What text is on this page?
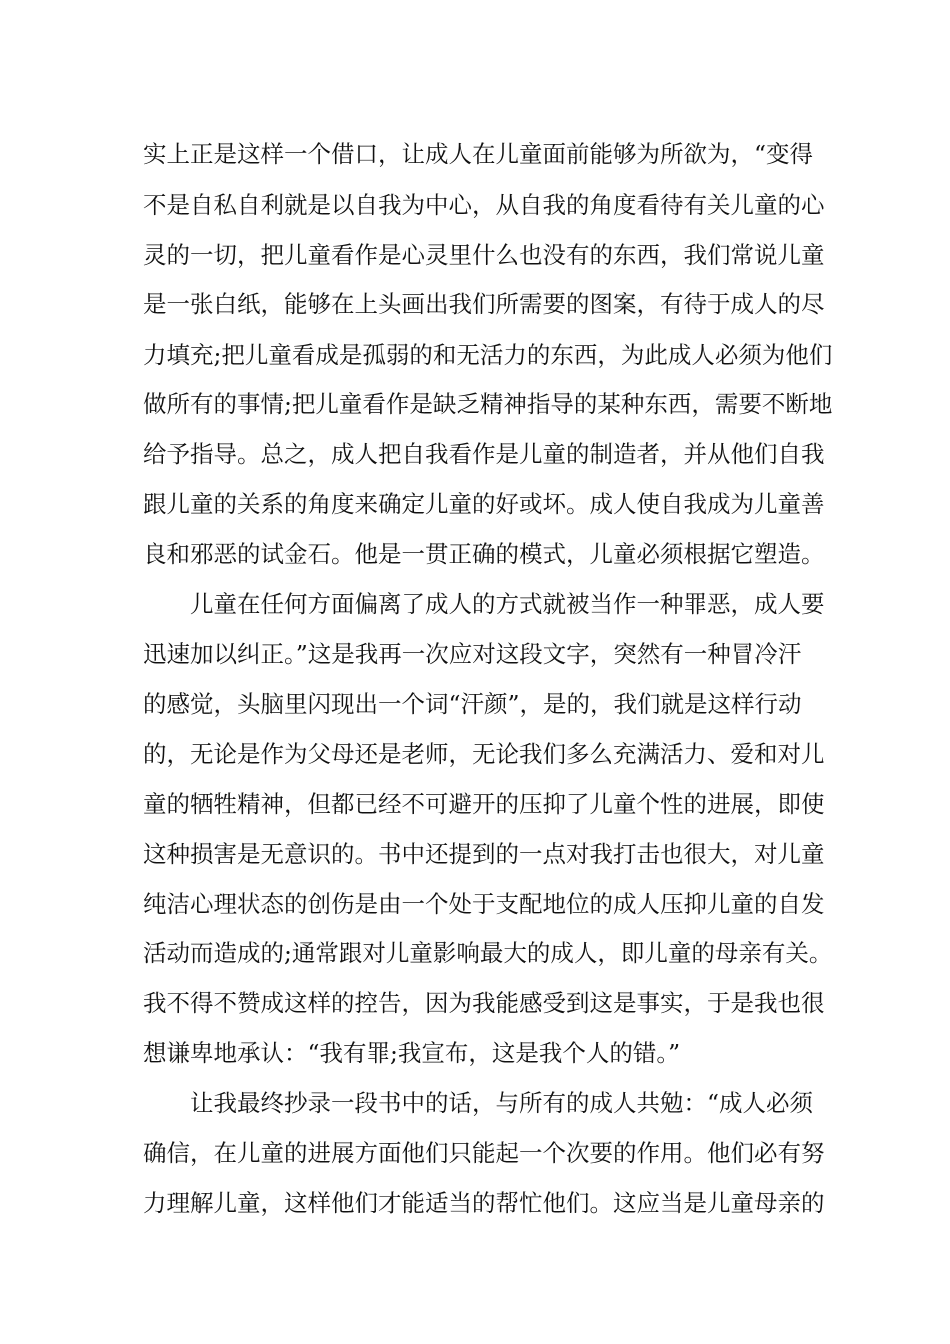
实上正是这样一个借口，让成人在儿童面前能够为所欲为，“变得
不是自私自利就是以自我为中心，从自我的角度看待有关儿童的心
灵的一切，把儿童看作是心灵里什么也没有的东西，我们常说儿童
是一张白纸，能够在上头画出我们所需要的图案，有待于成人的尽
力填充;把儿童看成是孤弱的和无活力的东西，为此成人必须为他们
做所有的事情;把儿童看作是缺乏精神指导的某种东西，需要不断地
给予指导。总之，成人把自我看作是儿童的制造者，并从他们自我
跟儿童的关系的角度来确定儿童的好或坏。成人使自我成为儿童善
良和邪恶的试金石。他是一贯正确的模式，儿童必须根据它塑造。
儿童在任何方面偏离了成人的方式就被当作一种罪恶，成人要
迅速加以纠正。”这是我再一次应对这段文字，突然有一种冒冷汗
的感觉，头脑里闪现出一个词“汗颜”，是的，我们就是这样行动
的，无论是作为父母还是老师，无论我们多么充满活力、爱和对儿
童的牺牲精神，但都已经不可避开的压抑了儿童个性的进展，即使
这种损害是无意识的。书中还提到的一点对我打击也很大，对儿童
纯洁心理状态的创伤是由一个处于支配地位的成人压抑儿童的自发
活动而造成的;通常跟对儿童影响最大的成人，即儿童的母亲有关。
我不得不赞成这样的控告，因为我能感受到这是事实，于是我也很
想谦卑地承认：“我有罪;我宣布，这是我个人的错。”
让我最终抄录一段书中的话，与所有的成人共勉：“成人必须
确信，在儿童的进展方面他们只能起一个次要的作用。他们必有努
力理解儿童，这样他们才能适当的帮忙他们。这应当是儿童母亲的
